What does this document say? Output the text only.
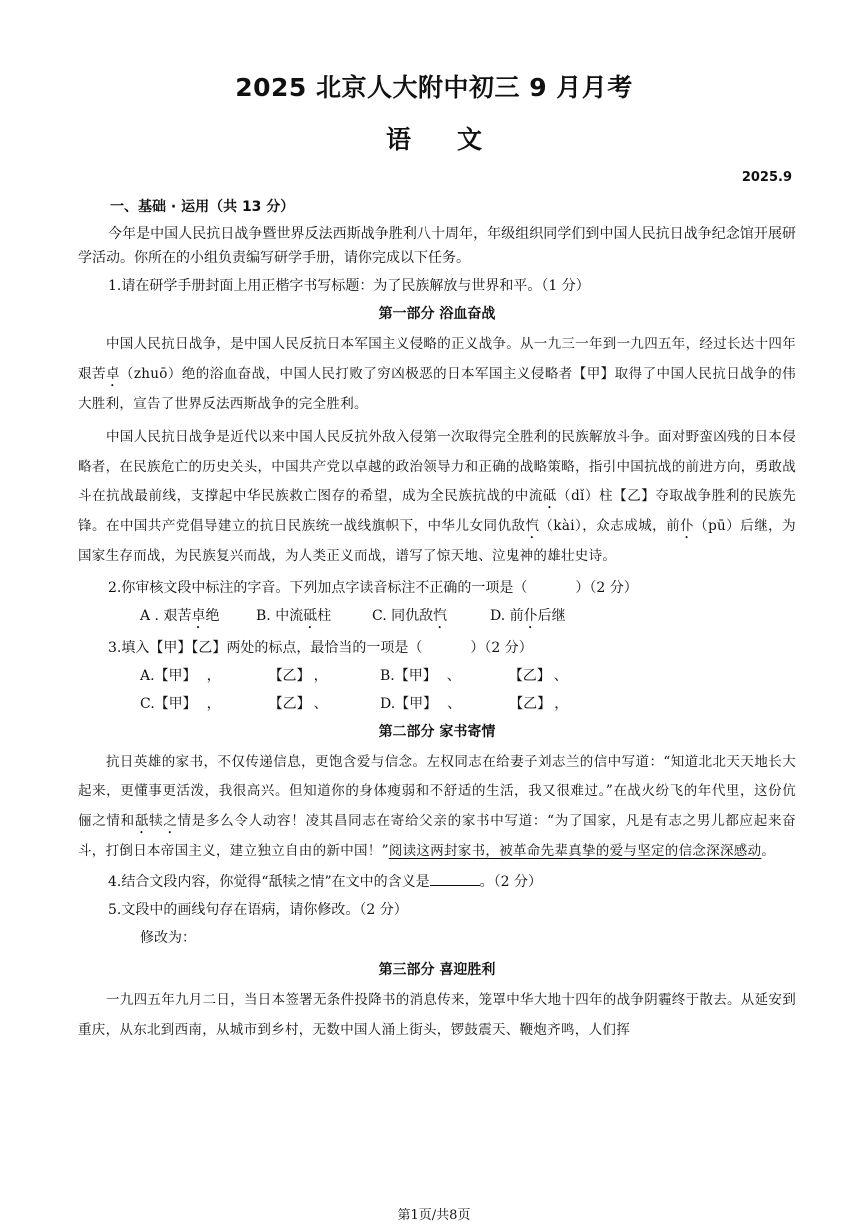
2025 北京人大附中初三 9 月月考
语文
2025.9
一、基础 · 运用（共 13 分）

今年是中国人民抗日战争暨世界反法西斯战争胜利八十周年，年级组织同学们到中国人民抗日战争纪念馆开展研学活动。你所在的小组负责编写研学手册，请你完成以下任务。

1.请在研学手册封面上用正楷字书写标题：为了民族解放与世界和平。（1 分）

第一部分 浴血奋战

中国人民抗日战争，是中国人民反抗日本军国主义侵略的正义战争。从一九三一年到一九四五年，经过长达十四年艰苦卓（zhuō）绝的浴血奋战，中国人民打败了穷凶极恶的日本军国主义侵略者【甲】取得了中国人民抗日战争的伟大胜利，宣告了世界反法西斯战争的完全胜利。

中国人民抗日战争是近代以来中国人民反抗外敌入侵第一次取得完全胜利的民族解放斗争。面对野蛮凶残的日本侵略者，在民族危亡的历史关头，中国共产党以卓越的政治领导力和正确的战略策略，指引中国抗战的前进方向，勇敢战斗在抗战最前线，支撑起中华民族救亡图存的希望，成为全民族抗战的中流砥（dǐ）柱【乙】夺取战争胜利的民族先锋。在中国共产党倡导建立的抗日民族统一战线旗帜下，中华儿女同仇敌忾（kài），众志成城，前仆（pū）后继，为国家生存而战，为民族复兴而战，为人类正义而战，谱写了惊天地、泣鬼神的雄壮史诗。

2.你审核文段中标注的字音。下列加点字读音标注不正确的一项是（	）（2 分）

A . 艰苦卓绝	B. 中流砥柱	C. 同仇敌忾	D. 前仆后继

3.填入【甲】【乙】两处的标点，最恰当的一项是（	）（2 分）

A.【甲】 ，	【乙】 ，	B.【甲】 、	【乙】 、
C.【甲】 ，	【乙】 、	D.【甲】 、	【乙】 ，
第二部分 家书寄情

抗日英雄的家书，不仅传递信息，更饱含爱与信念。左权同志在给妻子刘志兰的信中写道：“知道北北天天地长大起来，更懂事更活泼，我很高兴。但知道你的身体瘦弱和不舒适的生活，我又很难过。”在战火纷飞的年代里，这份伉俪之情和舐犊之情是多么令人动容！凌其昌同志在寄给父亲的家书中写道：“为了国家，凡是有志之男儿都应起来奋斗，打倒日本帝国主义，建立独立自由的新中国！”阅读这两封家书，被革命先辈真挚的爱与坚定的信念深深感动。

4.结合文段内容，你觉得“舐犊之情”在文中的含义是	。（2 分）

5.文段中的画线句存在语病，请你修改。（2 分）

修改为：

第三部分 喜迎胜利

一九四五年九月二日，当日本签署无条件投降书的消息传来，笼罩中华大地十四年的战争阴霾终于散去。从延安到重庆，从东北到西南，从城市到乡村，无数中国人涌上街头，锣鼓震天、鞭炮齐鸣，人们挥

第1页/共8页
